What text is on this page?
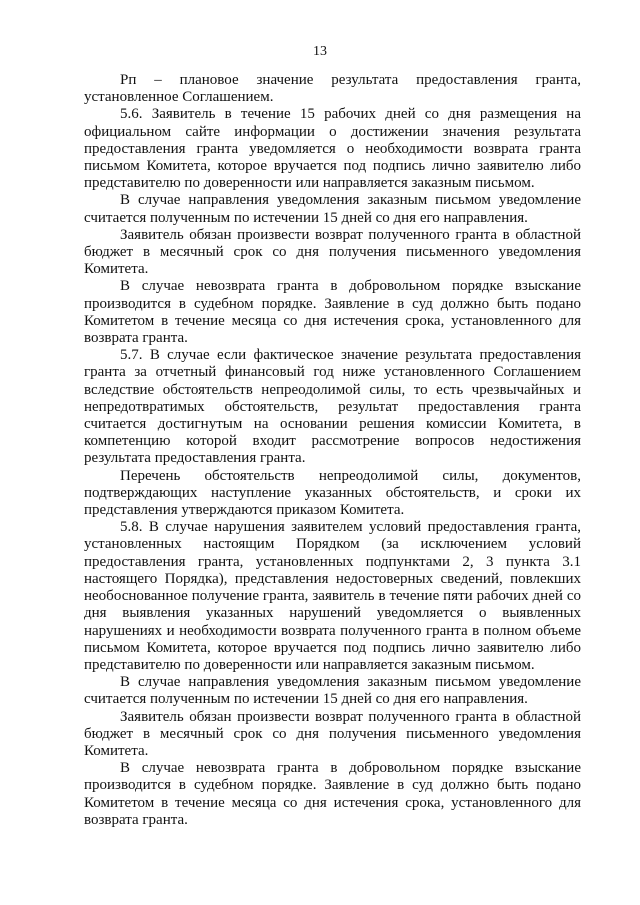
13

Рп – плановое значение результата предоставления гранта, установленное Соглашением.

5.6. Заявитель в течение 15 рабочих дней со дня размещения на официальном сайте информации о достижении значения результата предоставления гранта уведомляется о необходимости возврата гранта письмом Комитета, которое вручается под подпись лично заявителю либо представителю по доверенности или направляется заказным письмом.

В случае направления уведомления заказным письмом уведомление считается полученным по истечении 15 дней со дня его направления.

Заявитель обязан произвести возврат полученного гранта в областной бюджет в месячный срок со дня получения письменного уведомления Комитета.

В случае невозврата гранта в добровольном порядке взыскание производится в судебном порядке. Заявление в суд должно быть подано Комитетом в течение месяца со дня истечения срока, установленного для возврата гранта.

5.7. В случае если фактическое значение результата предоставления гранта за отчетный финансовый год ниже установленного Соглашением вследствие обстоятельств непреодолимой силы, то есть чрезвычайных и непредотвратимых обстоятельств, результат предоставления гранта считается достигнутым на основании решения комиссии Комитета, в компетенцию которой входит рассмотрение вопросов недостижения результата предоставления гранта.

Перечень обстоятельств непреодолимой силы, документов, подтверждающих наступление указанных обстоятельств, и сроки их представления утверждаются приказом Комитета.

5.8. В случае нарушения заявителем условий предоставления гранта, установленных настоящим Порядком (за исключением условий предоставления гранта, установленных подпунктами 2, 3 пункта 3.1 настоящего Порядка), представления недостоверных сведений, повлекших необоснованное получение гранта, заявитель в течение пяти рабочих дней со дня выявления указанных нарушений уведомляется о выявленных нарушениях и необходимости возврата полученного гранта в полном объеме письмом Комитета, которое вручается под подпись лично заявителю либо представителю по доверенности или направляется заказным письмом.

В случае направления уведомления заказным письмом уведомление считается полученным по истечении 15 дней со дня его направления.

Заявитель обязан произвести возврат полученного гранта в областной бюджет в месячный срок со дня получения письменного уведомления Комитета.

В случае невозврата гранта в добровольном порядке взыскание производится в судебном порядке. Заявление в суд должно быть подано Комитетом в течение месяца со дня истечения срока, установленного для возврата гранта.
